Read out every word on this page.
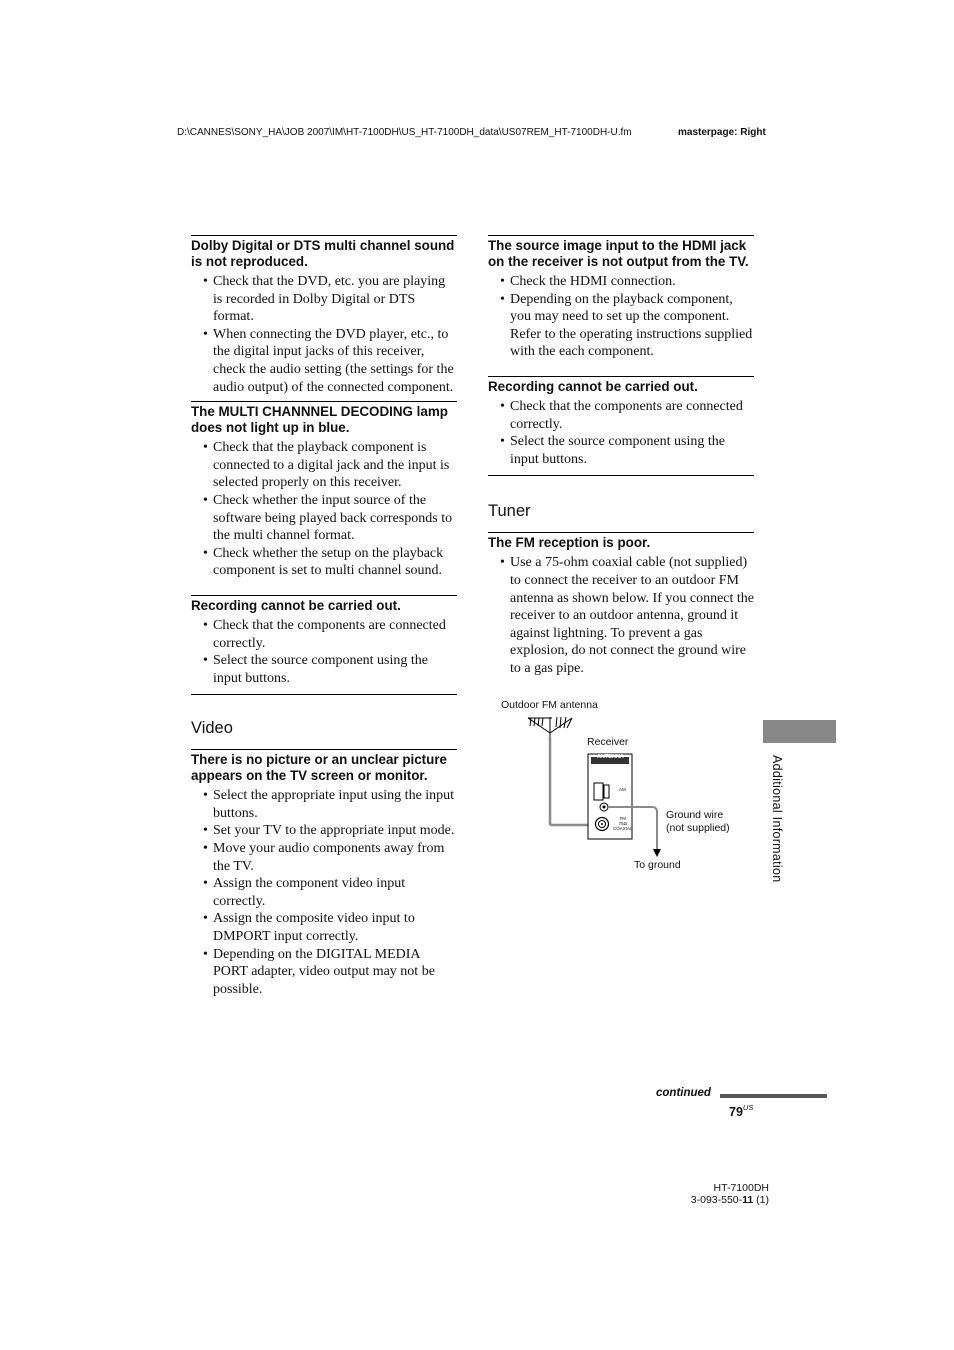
D:\CANNES\SONY_HA\JOB 2007\IM\HT-7100DH\US_HT-7100DH_data\US07REM_HT-7100DH-U.fm	masterpage: Right
Dolby Digital or DTS multi channel sound is not reproduced.
• Check that the DVD, etc. you are playing is recorded in Dolby Digital or DTS format.
• When connecting the DVD player, etc., to the digital input jacks of this receiver, check the audio setting (the settings for the audio output) of the connected component.
The MULTI CHANNNEL DECODING lamp does not light up in blue.
• Check that the playback component is connected to a digital jack and the input is selected properly on this receiver.
• Check whether the input source of the software being played back corresponds to the multi channel format.
• Check whether the setup on the playback component is set to multi channel sound.
Recording cannot be carried out.
• Check that the components are connected correctly.
• Select the source component using the input buttons.
Video
There is no picture or an unclear picture appears on the TV screen or monitor.
• Select the appropriate input using the input buttons.
• Set your TV to the appropriate input mode.
• Move your audio components away from the TV.
• Assign the component video input correctly.
• Assign the composite video input to DMPORT input correctly.
• Depending on the DIGITAL MEDIA PORT adapter, video output may not be possible.
The source image input to the HDMI jack on the receiver is not output from the TV.
• Check the HDMI connection.
• Depending on the playback component, you may need to set up the component. Refer to the operating instructions supplied with the each component.
Recording cannot be carried out.
• Check that the components are connected correctly.
• Select the source component using the input buttons.
Tuner
The FM reception is poor.
• Use a 75-ohm coaxial cable (not supplied) to connect the receiver to an outdoor FM antenna as shown below. If you connect the receiver to an outdoor antenna, ground it against lightning. To prevent a gas explosion, do not connect the ground wire to a gas pipe.
Outdoor FM antenna
Receiver
ANTENNA
AM
FM
75Ω
COAXIAL
Ground wire
(not supplied)
To ground	Additional Information
continued
$79^{US}$
HT-7100DH
3-093-550-11 (1)
